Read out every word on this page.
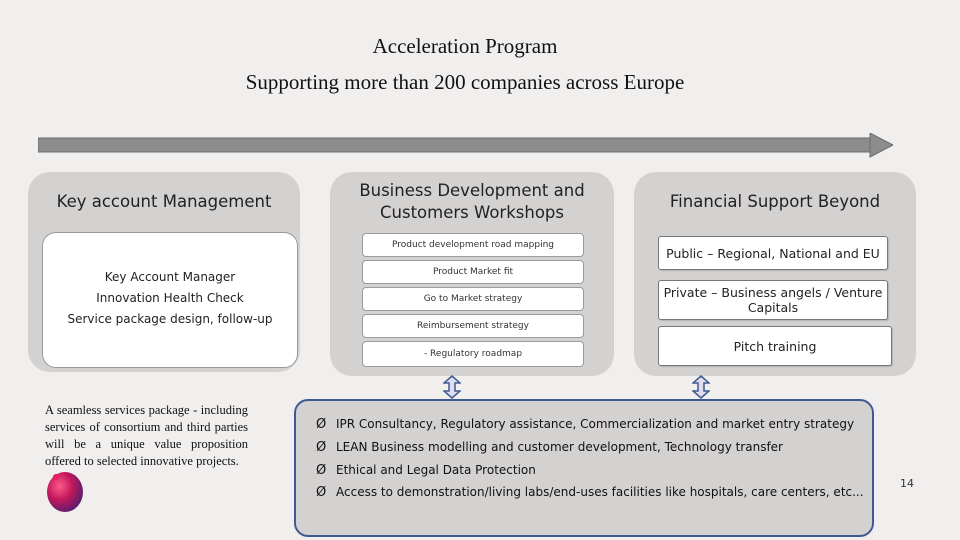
Acceleration Program
Supporting more than 200 companies across Europe
Key account Management
Key Account Manager
Innovation Health Check
Service package design, follow-up
Business Development and
Customers Workshops
Product development road mapping
Product Market fit
Go to Market strategy
Reimbursement strategy
- Regulatory roadmap
Financial Support Beyond
Public – Regional, National and EU
Private – Business angels / Venture Capitals
Pitch training
A seamless services package - including services of consortium and third parties will be a unique value proposition offered to selected innovative projects.
Ø IPR Consultancy, Regulatory assistance, Commercialization and market entry strategy
Ø LEAN Business modelling and customer development, Technology transfer
Ø Ethical and Legal Data Protection
Ø Access to demonstration/living labs/end-uses facilities like hospitals, care centers, etc...
14
